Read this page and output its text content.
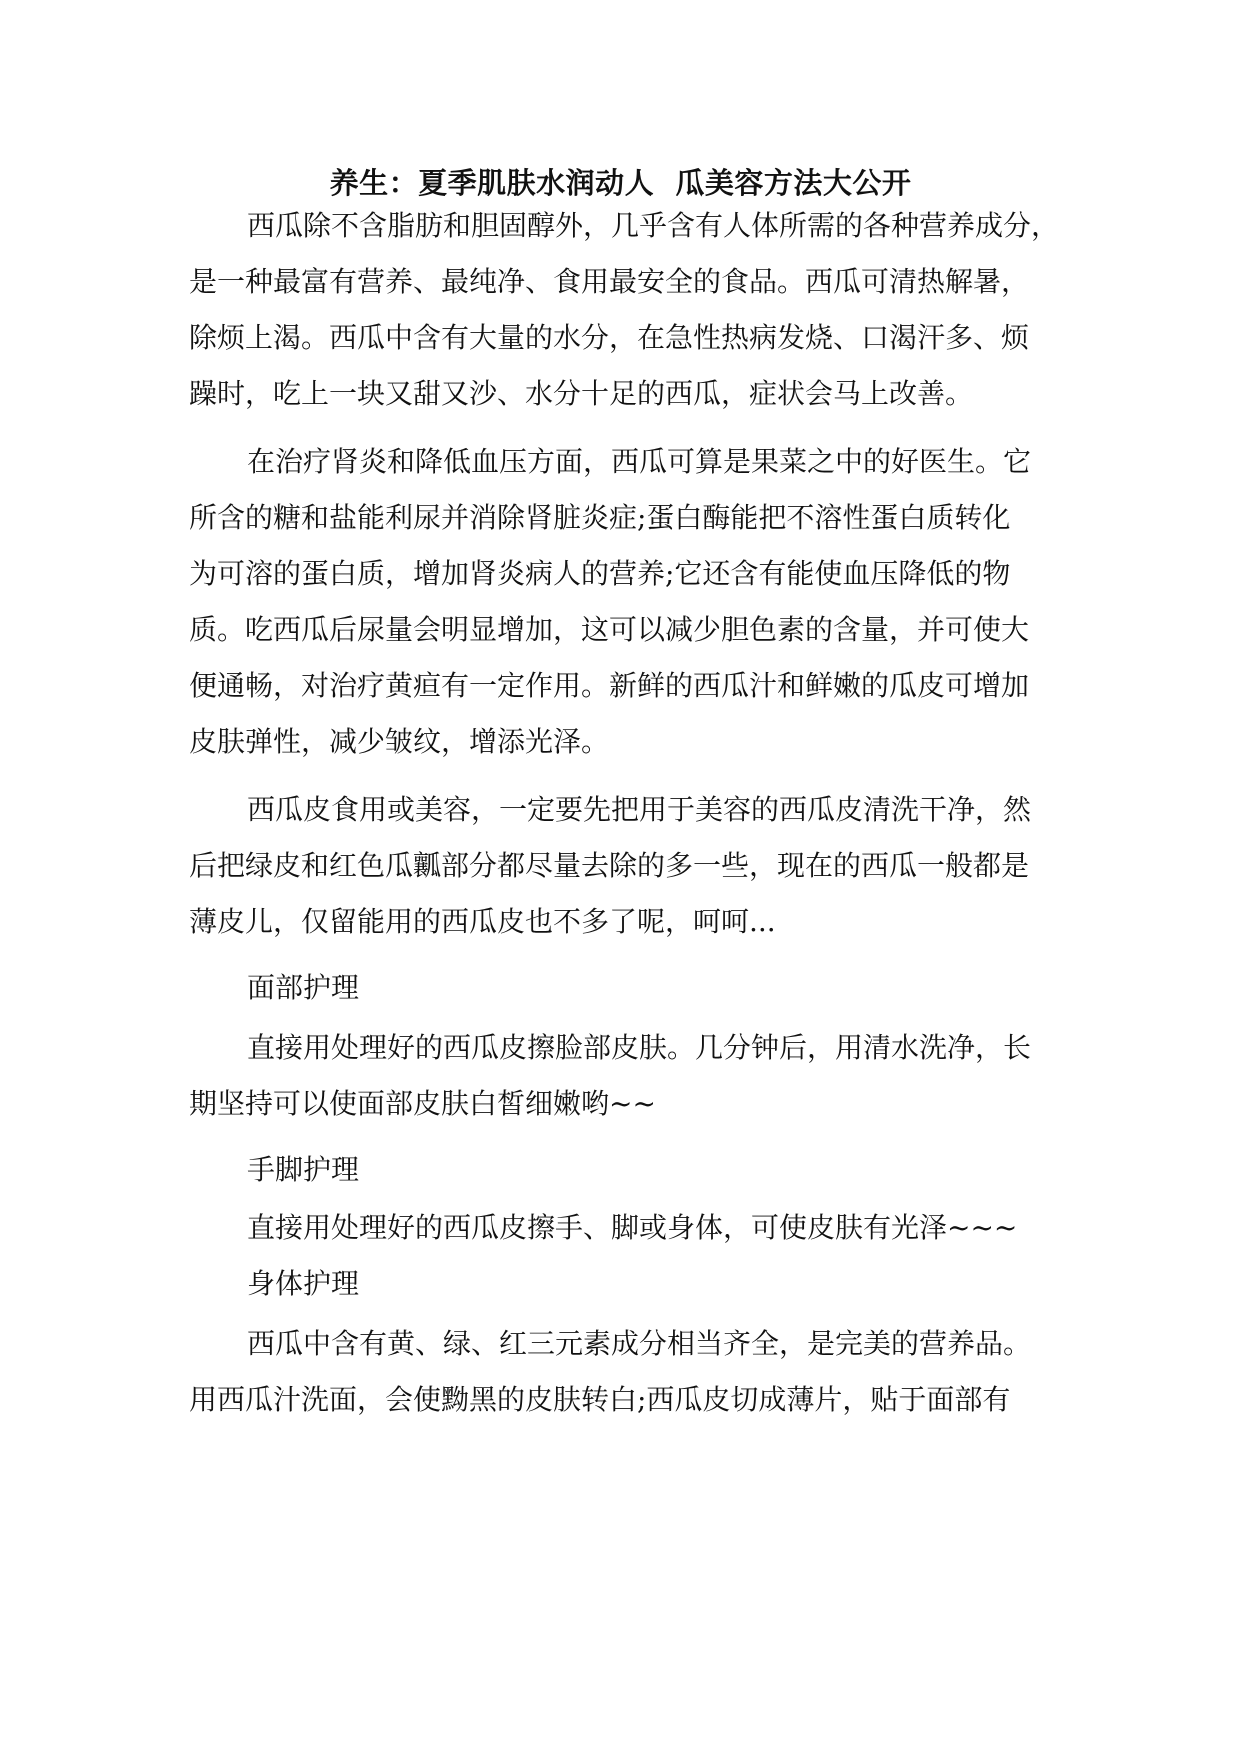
养生：夏季肌肤水润动人  瓜美容方法大公开

西瓜除不含脂肪和胆固醇外，几乎含有人体所需的各种营养成分，

是一种最富有营养、最纯净、食用最安全的食品。西瓜可清热解暑，

除烦上渴。西瓜中含有大量的水分，在急性热病发烧、口渴汗多、烦

躁时，吃上一块又甜又沙、水分十足的西瓜，症状会马上改善。

在治疗肾炎和降低血压方面，西瓜可算是果菜之中的好医生。它

所含的糖和盐能利尿并消除肾脏炎症;蛋白酶能把不溶性蛋白质转化

为可溶的蛋白质，增加肾炎病人的营养;它还含有能使血压降低的物

质。吃西瓜后尿量会明显增加，这可以减少胆色素的含量，并可使大

便通畅，对治疗黄疸有一定作用。新鲜的西瓜汁和鲜嫩的瓜皮可增加

皮肤弹性，减少皱纹，增添光泽。

西瓜皮食用或美容，一定要先把用于美容的西瓜皮清洗干净，然

后把绿皮和红色瓜瓤部分都尽量去除的多一些，现在的西瓜一般都是

薄皮儿，仅留能用的西瓜皮也不多了呢，呵呵...

面部护理

直接用处理好的西瓜皮擦脸部皮肤。几分钟后，用清水洗净，长

期坚持可以使面部皮肤白皙细嫩哟~~

手脚护理

直接用处理好的西瓜皮擦手、脚或身体，可使皮肤有光泽~~~

身体护理

西瓜中含有黄、绿、红三元素成分相当齐全，是完美的营养品。

用西瓜汁洗面，会使黝黑的皮肤转白;西瓜皮切成薄片，贴于面部有
